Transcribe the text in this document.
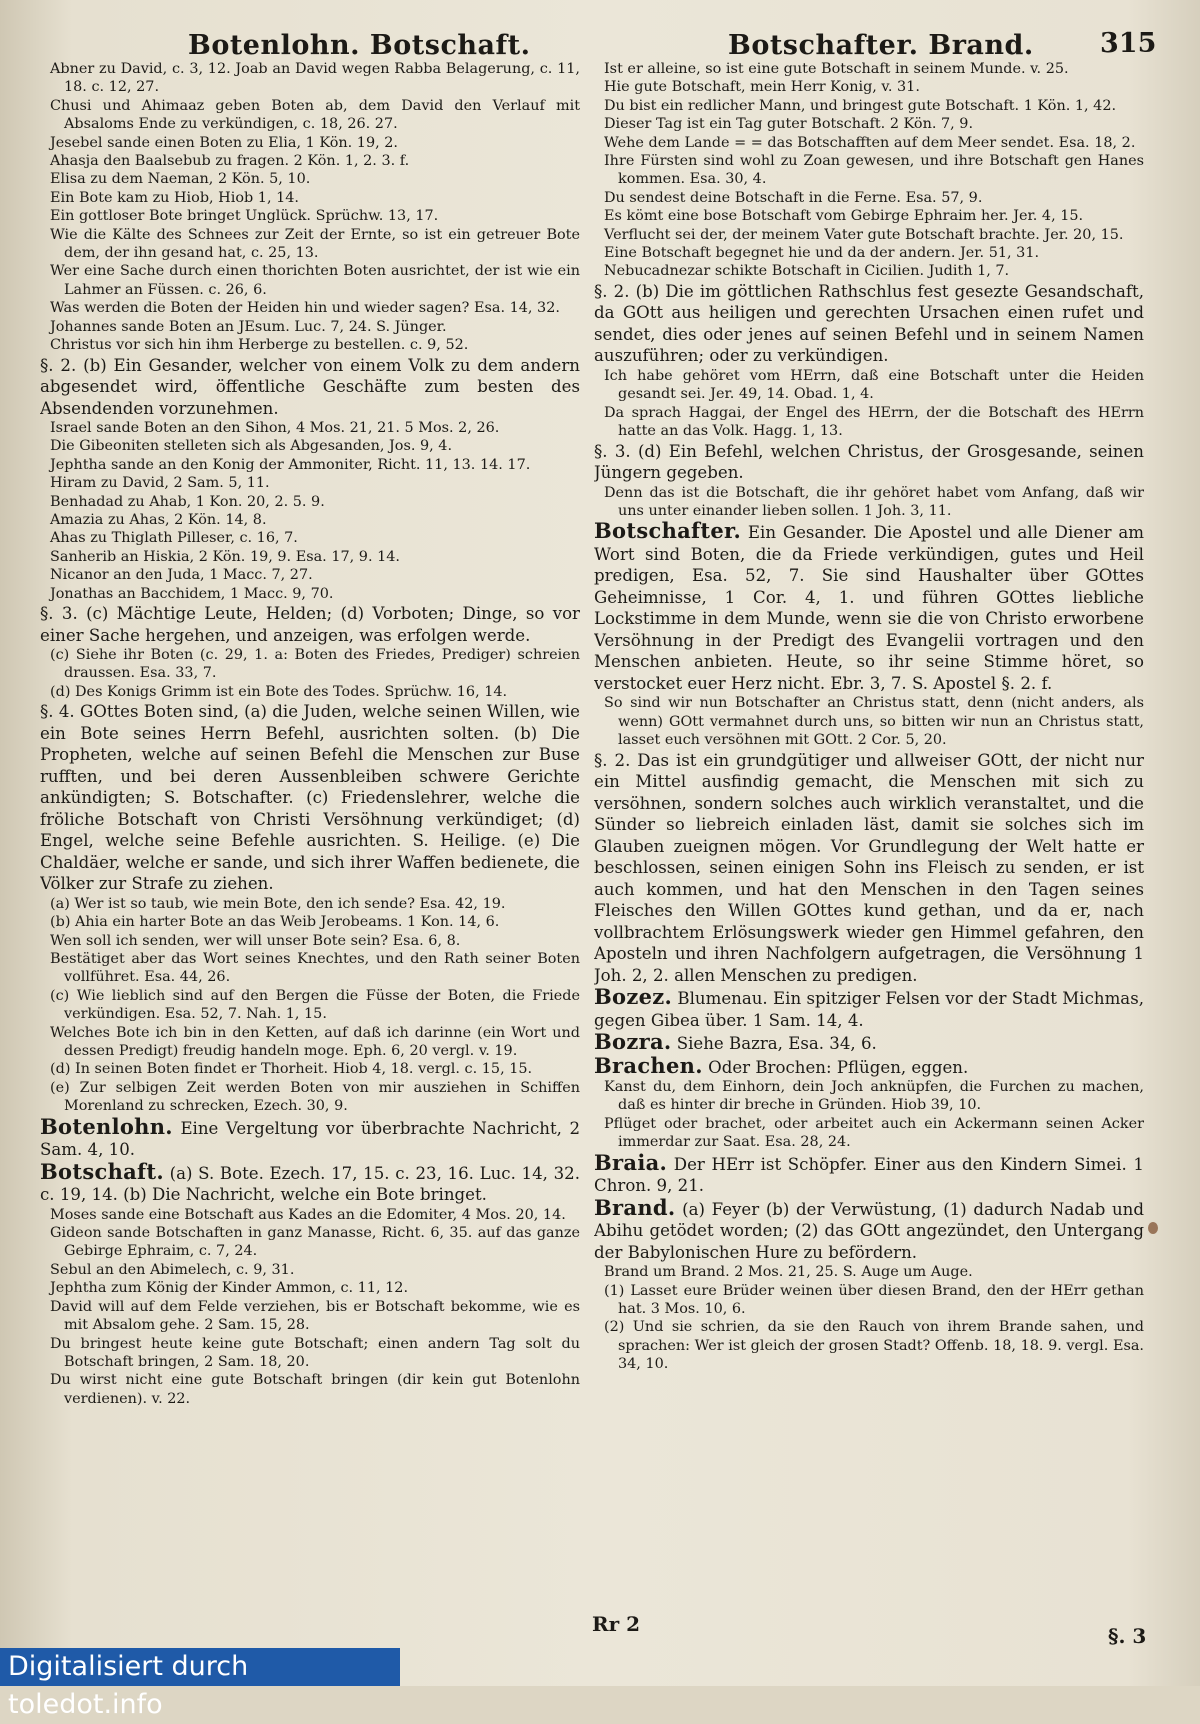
Botenlohn. Botschaft.	Botschafter. Brand. 315

Abner zu David, c. 3, 12. Joab an David wegen Rabba Belagerung, c. 11, 18. c. 12, 27.

Chusi und Ahimaaz geben Boten ab, dem David den Verlauf mit Absaloms Ende zu verkündigen, c. 18, 26. 27.

Jesebel sande einen Boten zu Elia, 1 Kön. 19, 2.

Ahasja den Baalsebub zu fragen. 2 Kön. 1, 2. 3. f.

Elisa zu dem Naeman, 2 Kön. 5, 10.

Ein Bote kam zu Hiob, Hiob 1, 14.

Ein gottloser Bote bringet Unglück. Sprüchw. 13, 17.

Wie die Kälte des Schnees zur Zeit der Ernte, so ist ein getreuer Bote dem, der ihn gesand hat, c. 25, 13.

Wer eine Sache durch einen thorichten Boten ausrichtet, der ist wie ein Lahmer an Füssen. c. 26, 6.

Was werden die Boten der Heiden hin und wieder sagen? Esa. 14, 32.

Johannes sande Boten an JEsum. Luc. 7, 24. S. Jünger.

Christus vor sich hin ihm Herberge zu bestellen. c. 9, 52.

§. 2. (b) Ein Gesander, welcher von einem Volk zu dem andern abgesendet wird, öffentliche Geschäfte zum besten des Absendenden vorzunehmen.

Israel sande Boten an den Sihon, 4 Mos. 21, 21. 5 Mos. 2, 26.

Die Gibeoniten stelleten sich als Abgesanden, Jos. 9, 4.

Jephtha sande an den Konig der Ammoniter, Richt. 11, 13. 14. 17.

Hiram zu David, 2 Sam. 5, 11.

Benhadad zu Ahab, 1 Kon. 20, 2. 5. 9.

Amazia zu Ahas, 2 Kön. 14, 8.

Ahas zu Thiglath Pilleser, c. 16, 7.

Sanherib an Hiskia, 2 Kön. 19, 9. Esa. 17, 9. 14.

Nicanor an den Juda, 1 Macc. 7, 27.

Jonathas an Bacchidem, 1 Macc. 9, 70.

§. 3. (c) Mächtige Leute, Helden; (d) Vorboten; Dinge, so vor einer Sache hergehen, und anzeigen, was erfolgen werde.

(c) Siehe ihr Boten (c. 29, 1. a: Boten des Friedes, Prediger) schreien draussen. Esa. 33, 7.

(d) Des Konigs Grimm ist ein Bote des Todes. Sprüchw. 16, 14.

§. 4. GOttes Boten sind, (a) die Juden, welche seinen Willen, wie ein Bote seines Herrn Befehl, ausrichten solten. (b) Die Propheten, welche auf seinen Befehl die Menschen zur Buse rufften, und bei deren Aussenbleiben schwere Gerichte ankündigten; S. Botschafter. (c) Friedenslehrer, welche die fröliche Botschaft von Christi Versöhnung verkündiget; (d) Engel, welche seine Befehle ausrichten. S. Heilige. (e) Die Chaldäer, welche er sande, und sich ihrer Waffen bedienete, die Völker zur Strafe zu ziehen.

(a) Wer ist so taub, wie mein Bote, den ich sende? Esa. 42, 19.

(b) Ahia ein harter Bote an das Weib Jerobeams. 1 Kon. 14, 6.

Wen soll ich senden, wer will unser Bote sein? Esa. 6, 8.

Bestätiget aber das Wort seines Knechtes, und den Rath seiner Boten vollführet. Esa. 44, 26.

(c) Wie lieblich sind auf den Bergen die Füsse der Boten, die Friede verkündigen. Esa. 52, 7. Nah. 1, 15.

Welches Bote ich bin in den Ketten, auf daß ich darinne (ein Wort und dessen Predigt) freudig handeln moge. Eph. 6, 20 vergl. v. 19.

(d) In seinen Boten findet er Thorheit. Hiob 4, 18. vergl. c. 15, 15.

(e) Zur selbigen Zeit werden Boten von mir ausziehen in Schiffen Morenland zu schrecken, Ezech. 30, 9.

Botenlohn. Eine Vergeltung vor überbrachte Nachricht, 2 Sam. 4, 10.

Botschaft. (a) S. Bote. Ezech. 17, 15. c. 23, 16. Luc. 14, 32. c. 19, 14. (b) Die Nachricht, welche ein Bote bringet.

Moses sande eine Botschaft aus Kades an die Edomiter, 4 Mos. 20, 14.

Gideon sande Botschaften in ganz Manasse, Richt. 6, 35. auf das ganze Gebirge Ephraim, c. 7, 24.

Sebul an den Abimelech, c. 9, 31.

Jephtha zum König der Kinder Ammon, c. 11, 12.

David will auf dem Felde verziehen, bis er Botschaft bekomme, wie es mit Absalom gehe. 2 Sam. 15, 28.

Du bringest heute keine gute Botschaft; einen andern Tag solt du Botschaft bringen, 2 Sam. 18, 20.

Du wirst nicht eine gute Botschaft bringen (dir kein gut Botenlohn verdienen). v. 22.

Ist er alleine, so ist eine gute Botschaft in seinem Munde. v. 25.

Hie gute Botschaft, mein Herr Konig, v. 31.

Du bist ein redlicher Mann, und bringest gute Botschaft. 1 Kön. 1, 42.

Dieser Tag ist ein Tag guter Botschaft. 2 Kön. 7, 9.

Wehe dem Lande = = das Botschafften auf dem Meer sendet. Esa. 18, 2.

Ihre Fürsten sind wohl zu Zoan gewesen, und ihre Botschaft gen Hanes kommen. Esa. 30, 4.

Du sendest deine Botschaft in die Ferne. Esa. 57, 9.

Es kömt eine bose Botschaft vom Gebirge Ephraim her. Jer. 4, 15.

Verflucht sei der, der meinem Vater gute Botschaft brachte. Jer. 20, 15.

Eine Botschaft begegnet hie und da der andern. Jer. 51, 31.

Nebucadnezar schikte Botschaft in Cicilien. Judith 1, 7.

§. 2. (b) Die im göttlichen Rathschlus fest gesezte Gesandschaft, da GOtt aus heiligen und gerechten Ursachen einen rufet und sendet, dies oder jenes auf seinen Befehl und in seinem Namen auszuführen; oder zu verkündigen.

Ich habe gehöret vom HErrn, daß eine Botschaft unter die Heiden gesandt sei. Jer. 49, 14. Obad. 1, 4.

Da sprach Haggai, der Engel des HErrn, der die Botschaft des HErrn hatte an das Volk. Hagg. 1, 13.

§. 3. (d) Ein Befehl, welchen Christus, der Grosgesande, seinen Jüngern gegeben.

Denn das ist die Botschaft, die ihr gehöret habet vom Anfang, daß wir uns unter einander lieben sollen. 1 Joh. 3, 11.

Botschafter. Ein Gesander. Die Apostel und alle Diener am Wort sind Boten, die da Friede verkündigen, gutes und Heil predigen, Esa. 52, 7. Sie sind Haushalter über GOttes Geheimnisse, 1 Cor. 4, 1. und führen GOttes liebliche Lockstimme in dem Munde, wenn sie die von Christo erworbene Versöhnung in der Predigt des Evangelii vortragen und den Menschen anbieten. Heute, so ihr seine Stimme höret, so verstocket euer Herz nicht. Ebr. 3, 7. S. Apostel §. 2. f.

So sind wir nun Botschafter an Christus statt, denn (nicht anders, als wenn) GOtt vermahnet durch uns, so bitten wir nun an Christus statt, lasset euch versöhnen mit GOtt. 2 Cor. 5, 20.

§. 2. Das ist ein grundgütiger und allweiser GOtt, der nicht nur ein Mittel ausfindig gemacht, die Menschen mit sich zu versöhnen, sondern solches auch wirklich veranstaltet, und die Sünder so liebreich einladen läst, damit sie solches sich im Glauben zueignen mögen. Vor Grundlegung der Welt hatte er beschlossen, seinen einigen Sohn ins Fleisch zu senden, er ist auch kommen, und hat den Menschen in den Tagen seines Fleisches den Willen GOttes kund gethan, und da er, nach vollbrachtem Erlösungswerk wieder gen Himmel gefahren, den Aposteln und ihren Nachfolgern aufgetragen, die Versöhnung 1 Joh. 2, 2. allen Menschen zu predigen.

Bozez. Blumenau. Ein spitziger Felsen vor der Stadt Michmas, gegen Gibea über. 1 Sam. 14, 4.

Bozra. Siehe Bazra, Esa. 34, 6.

Brachen. Oder Brochen: Pflügen, eggen.

Kanst du, dem Einhorn, dein Joch anknüpfen, die Furchen zu machen, daß es hinter dir breche in Gründen. Hiob 39, 10.

Pflüget oder brachet, oder arbeitet auch ein Ackermann seinen Acker immerdar zur Saat. Esa. 28, 24.

Braia. Der HErr ist Schöpfer. Einer aus den Kindern Simei. 1 Chron. 9, 21.

Brand. (a) Feyer (b) der Verwüstung, (1) dadurch Nadab und Abihu getödet worden; (2) das GOtt angezündet, den Untergang der Babylonischen Hure zu befördern.

Brand um Brand. 2 Mos. 21, 25. S. Auge um Auge.

(1) Lasset eure Brüder weinen über diesen Brand, den der HErr gethan hat. 3 Mos. 10, 6.

(2) Und sie schrien, da sie den Rauch von ihrem Brande sahen, und sprachen: Wer ist gleich der grosen Stadt? Offenb. 18, 18. 9. vergl. Esa. 34, 10.

Rr 2	§. 3
Digitalisiert durch toledot.info
